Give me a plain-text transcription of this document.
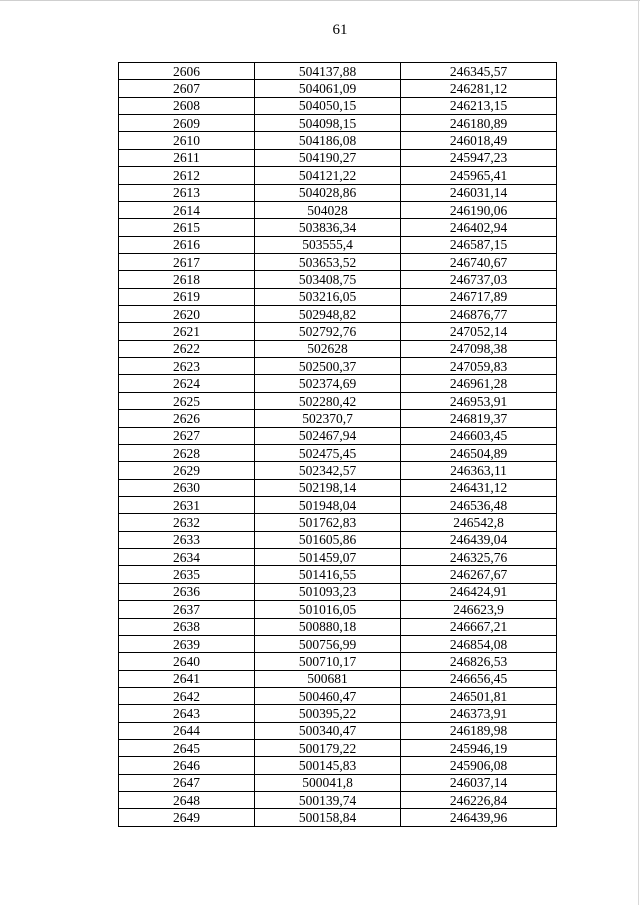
61
2606	504137,88	246345,57
2607	504061,09	246281,12
2608	504050,15	246213,15
2609	504098,15	246180,89
2610	504186,08	246018,49
2611	504190,27	245947,23
2612	504121,22	245965,41
2613	504028,86	246031,14
2614	504028	246190,06
2615	503836,34	246402,94
2616	503555,4	246587,15
2617	503653,52	246740,67
2618	503408,75	246737,03
2619	503216,05	246717,89
2620	502948,82	246876,77
2621	502792,76	247052,14
2622	502628	247098,38
2623	502500,37	247059,83
2624	502374,69	246961,28
2625	502280,42	246953,91
2626	502370,7	246819,37
2627	502467,94	246603,45
2628	502475,45	246504,89
2629	502342,57	246363,11
2630	502198,14	246431,12
2631	501948,04	246536,48
2632	501762,83	246542,8
2633	501605,86	246439,04
2634	501459,07	246325,76
2635	501416,55	246267,67
2636	501093,23	246424,91
2637	501016,05	246623,9
2638	500880,18	246667,21
2639	500756,99	246854,08
2640	500710,17	246826,53
2641	500681	246656,45
2642	500460,47	246501,81
2643	500395,22	246373,91
2644	500340,47	246189,98
2645	500179,22	245946,19
2646	500145,83	245906,08
2647	500041,8	246037,14
2648	500139,74	246226,84
2649	500158,84	246439,96
